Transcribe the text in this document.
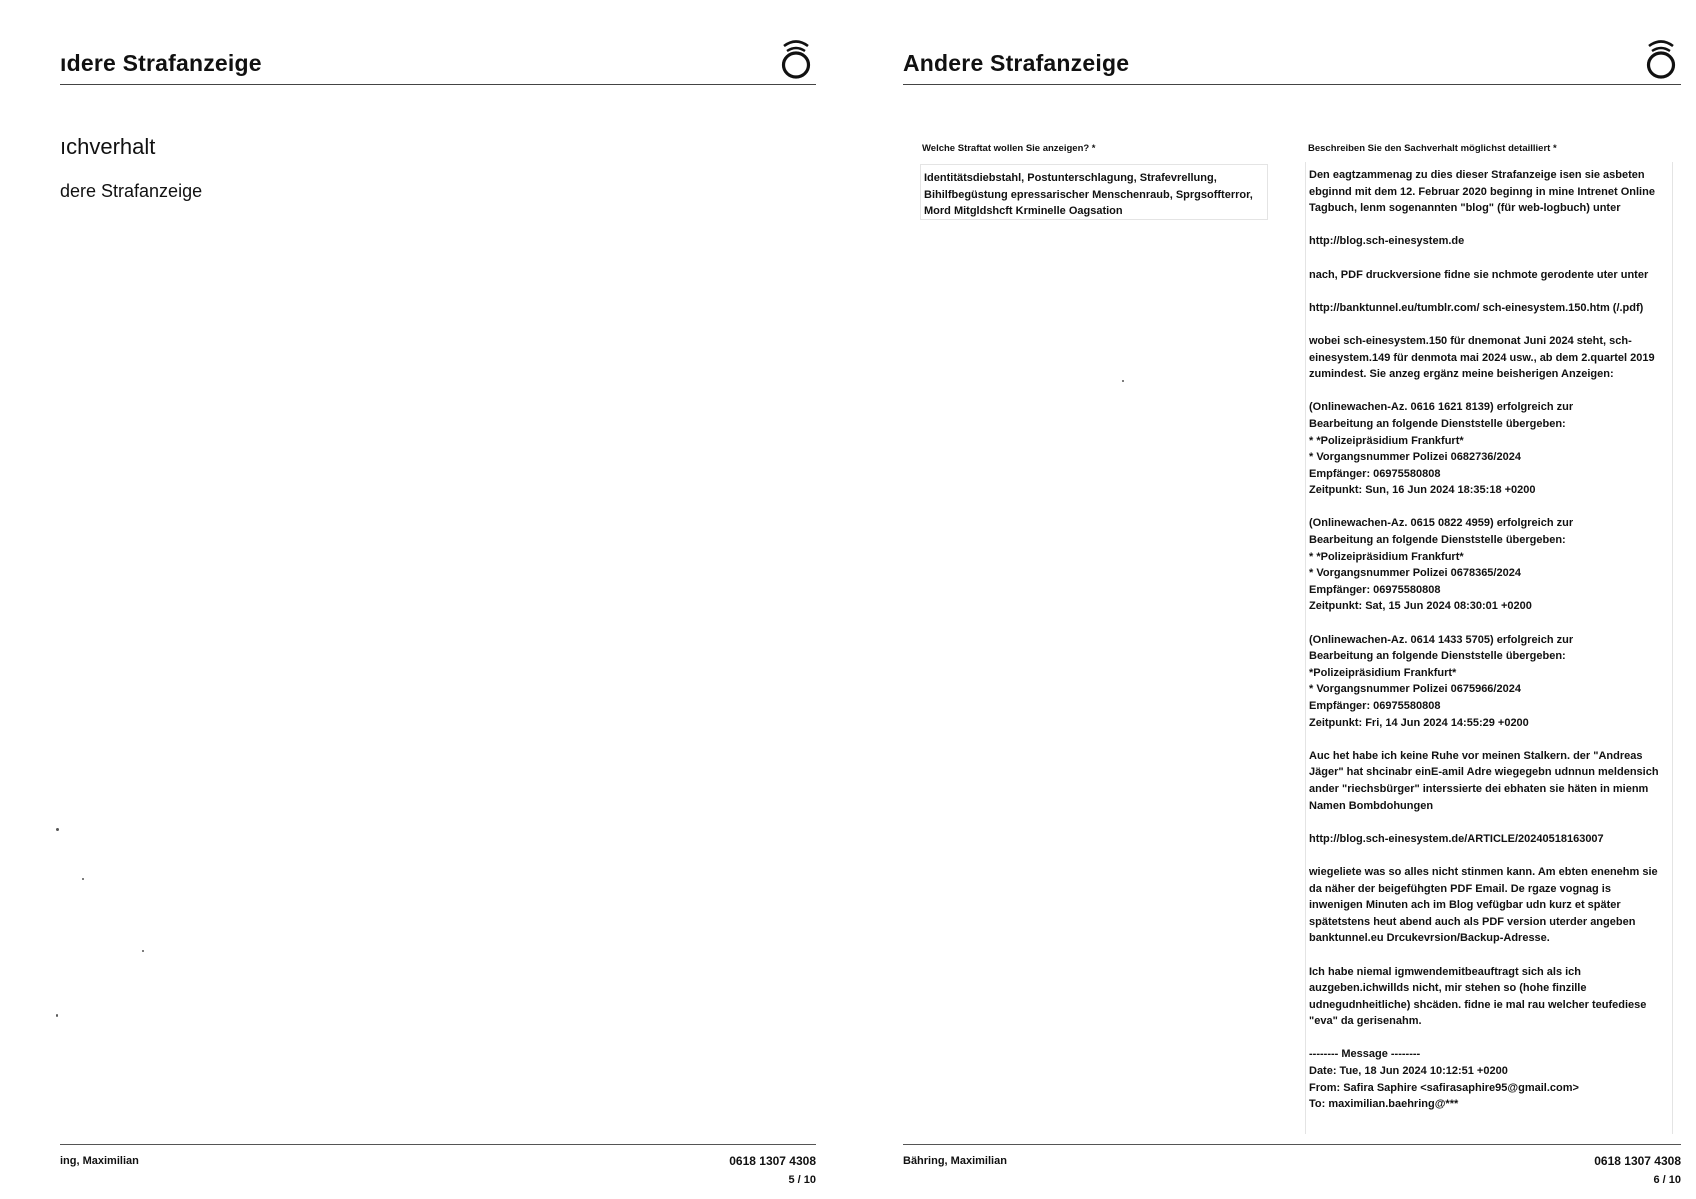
ıdere Strafanzeige
ıchverhalt
dere Strafanzeige
ing, Maximilian	0618 1307 4308
5 / 10
Andere Strafanzeige
Welche Straftat wollen Sie anzeigen? *
Identitätsdiebstahl, Postunterschlagung, Strafevrellung,
Bihilfbegüstung epressarischer Menschenraub, Sprgsoffterror,
Mord Mitgldshcft Krminelle Oagsation
Beschreiben Sie den Sachverhalt möglichst detailliert *
Den eagtzammenag zu dies dieser Strafanzeige isen sie asbeten
ebginnd mit dem 12. Februar 2020 beginng in mine Intrenet Online
Tagbuch, lenm sogenannten "blog" (für web-logbuch) unter
http://blog.sch-einesystem.de
nach, PDF druckversione fidne sie nchmote gerodente uter unter
http://banktunnel.eu/tumblr.com/ sch-einesystem.150.htm (/.pdf)
wobei sch-einesystem.150 für dnemonat Juni 2024 steht, sch-
einesystem.149 für denmota mai 2024 usw., ab dem 2.quartel 2019
zumindest. Sie anzeg ergänz meine beisherigen Anzeigen:
(Onlinewachen-Az. 0616 1621 8139) erfolgreich zur
Bearbeitung an folgende Dienststelle übergeben:
* *Polizeipräsidium Frankfurt*
* Vorgangsnummer Polizei 0682736/2024
Empfänger: 06975580808
Zeitpunkt: Sun, 16 Jun 2024 18:35:18 +0200
(Onlinewachen-Az. 0615 0822 4959) erfolgreich zur
Bearbeitung an folgende Dienststelle übergeben:
* *Polizeipräsidium Frankfurt*
* Vorgangsnummer Polizei 0678365/2024
Empfänger: 06975580808
Zeitpunkt: Sat, 15 Jun 2024 08:30:01 +0200
(Onlinewachen-Az. 0614 1433 5705) erfolgreich zur
Bearbeitung an folgende Dienststelle übergeben:
*Polizeipräsidium Frankfurt*
* Vorgangsnummer Polizei 0675966/2024
Empfänger: 06975580808
Zeitpunkt: Fri, 14 Jun 2024 14:55:29 +0200
Auc het habe ich keine Ruhe vor meinen Stalkern. der "Andreas
Jäger" hat shcinabr einE-amil Adre wiegegebn udnnun meldensich
ander "riechsbürger" interssierte dei ebhaten sie häten in mienm
Namen Bombdohungen
http://blog.sch-einesystem.de/ARTICLE/20240518163007
wiegeliete was so alles nicht stinmen kann. Am ebten enenehm sie
da näher der beigefühgten PDF Email. De rgaze vognag is
inwenigen Minuten ach im Blog vefügbar udn kurz et später
spätetstens heut abend auch als PDF version uterder angeben
banktunnel.eu Drcukevrsion/Backup-Adresse.
Ich habe niemal igmwendemitbeauftragt sich als ich
auzgeben.ichwillds nicht, mir stehen so (hohe finzille
udnegudnheitliche) shcäden. fidne ie mal rau welcher teufediese
"eva" da gerisenahm.
-------- Message --------
Date: Tue, 18 Jun 2024 10:12:51 +0200
From: Safira Saphire <safirasaphire95@gmail.com>
To: maximilian.baehring@***
Bähring, Maximilian	0618 1307 4308
6 / 10
